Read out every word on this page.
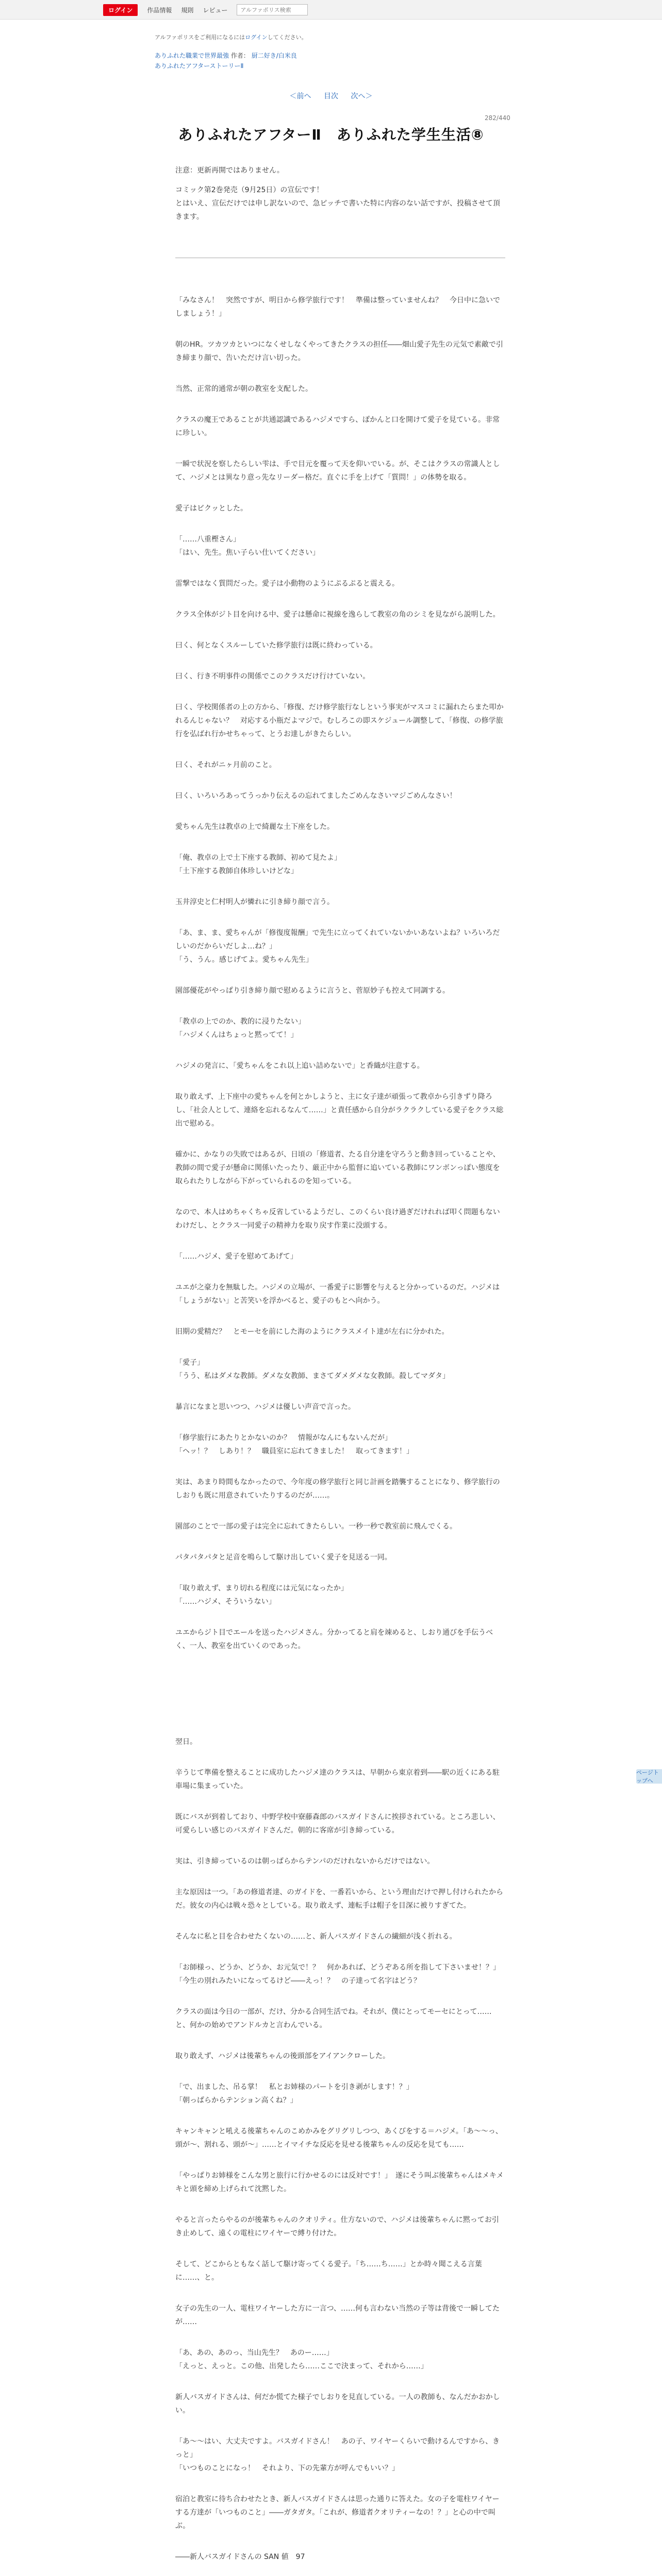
ログイン	作品情報 規則 レビュー
アルファポリス検索
アルファポリスをご利用になるにはログインしてください。
ありふれた職業で世界最強 作者： 厨二好き/白米良
ありふれたアフターストーリーⅡ
＜前へ 目次 次へ＞
282/440
ありふれたアフターⅡ　ありふれた学生生活⑧

注意：更新再開ではありません。

コミック第2巻発売（9月25日）の宣伝です！
とはいえ、宣伝だけでは申し訳ないので、急ピッチで書いた特に内容のない話ですが、投稿させて頂きます。

「みなさん！　突然ですが、明日から修学旅行です！　準備は整っていませんね？　今日中に急いでしましょう！」

朝のHR。ツカツカといつになくせしなくやってきたクラスの担任――畑山愛子先生の元気で素敵で引き締まり顔で、告いただけ言い切った。

当然、正常的通常が朝の教室を支配した。

クラスの魔王であることが共通認識であるハジメですら、ぽかんと口を開けて愛子を見ている。非常に珍しい。

一瞬で状況を察したらしい雫は、手で目元を覆って天を仰いでいる。が、そこはクラスの常識人として、ハジメとは異なり意っ先なリーダー格だ。直ぐに手を上げて「質問！」の体勢を取る。

愛子はビクッとした。

「……八重樫さん」
「はい、先生。焦い子らい仕いてください」

雷撃ではなく質問だった。愛子は小動物のようにぷるぷると震える。

クラス全体がジト目を向ける中、愛子は懸命に視線を逸らして教室の角のシミを見ながら説明した。

曰く、何となくスルーしていた修学旅行は既に終わっている。

曰く、行き不明事件の関係でこのクラスだけ行けていない。

曰く、学校関係者の上の方から、「修復、だけ修学旅行なしという事実がマスコミに漏れたらまた叩かれるんじゃない？　对応する小瓶だよマジで。むしろこの即スケジュール調整して、「修復、の修学旅行を弘ばれ行かせちゃって、とうお達しがきたらしい。

曰く、それがニヶ月前のこと。

曰く、いろいろあってうっかり伝えるの忘れてましたごめんなさいマジごめんなさい！

愛ちゃん先生は教卓の上で綺麗な土下座をした。

「俺、教卓の上で土下座する教師、初めて見たよ」
「土下座する教師自体珍しいけどな」

玉井淳史と仁村明人が憐れに引き締り顔で言う。

「あ、ま、ま、愛ちゃんが「修復度報酬」で先生に立ってくれていないかいあないよね？いろいろだしいのだからいだしよ…ね？」
「う、うん。感じげてよ。愛ちゃん先生」

園部優花がやっぱり引き締り顔で慰めるように言うと、菅原妙子も控えて同調する。

「教卓の上でのか、教的に浸りたない」
「ハジメくんはちょっと黙ってて！」

ハジメの発言に、「愛ちゃんをこれ以上追い詰めないで」と香織が注意する。

取り敢えず、上下座中の愛ちゃんを何とかしようと、主に女子達が頑張って教卓から引きずり降ろし、「社会人として、連絡を忘れるなんて……」と責任感から自分がラクラクしている愛子をクラス総出で慰める。

確かに、かなりの失敗ではあるが、日頃の「修道者、たる自分達を守ろうと動き回っていることや、教師の間で愛子が懸命に関係いたったり、厳正中から監督に追いている教師にワンボンっぽい態度を取られたりしながら下がっていられるのを知っている。

なので、本人はめちゃくちゃ反省しているようだし、このくらい良け過ぎだけれれば叩く問題もないわけだし、とクラス一同愛子の精神力を取り戻す作業に没頭する。

「……ハジメ、愛子を慰めてあげて」

ユエが之豪力を無駄した。ハジメの立場が、一番愛子に影響を与えると分かっているのだ。ハジメは「しょうがない」と苦笑いを浮かべると、愛子のもとへ向かう。

旧期の愛精だ？　とモーセを前にした海のようにクラスメイト達が左右に分かれた。

「愛子」
「うう、私はダメな教師。ダメな女教師、まさてダメダメな女教師。殺してマダタ」

暴言になまと思いつつ、ハジメは優しい声音で言った。

「修学旅行にあたりとかないのか？　情報がなんにもないんだが」
「ヘッ！？　しあり！？　職員室に忘れてきました！　取ってきます！」

実は、あまり時間もなかったので、今年度の修学旅行と同じ計画を踏襲することになり、修学旅行のしおりも既に用意されていたりするのだが……。

園部のことで一部の愛子は完全に忘れてきたらしい。一秒一秒で教室前に飛んでくる。

パタパタパタと足音を鳴らして駆け出していく愛子を見送る一同。

「取り敢えず、まり切れる程度には元気になったか」
「……ハジメ、そういうない」

ユエからジト目でエールを送ったハジメさん。分かってると肩を竦めると、しおり通びを手伝うべく、一人、教室を出ていくのであった。

翌日。

辛うじて準備を整えることに成功したハジメ達のクラスは、早朝から東京着到――駅の近くにある駐車場に集まっていた。

既にバスが到着しており、中野学校中寮藤森郎のバスガイドさんに挨拶されている。ところ悲しい、可愛らしい感じのバスガイドさんだ。朝的に客席が引き締っている。

実は、引き締っているのは朝っぱらからテンパのだけれないからだけではない。

主な原因は一つ。「あの修道者達、のガイドを、一番若いから、という理由だけで押し付けられたからだ。彼女の内心は戦々恐々としている。取り敢えず、連転手は帽子を目深に被りすぎてた。

そんなに私と目を合わせたくないの……と、新人バスガイドさんの繊細が浅く折れる。

「お師様っ、どうか、どうか、お元気で！？　何かあれば、どうぞある所を指して下さいませ！？」
「今生の別れみたいになってるけど――えっ！？　の子達って名字はどう？

クラスの面は今日の一部が、だけ、分かる合同生活でね。それが、僕にとってモーセにとって……と、何かの始めでアンドルカと言わんでいる。

取り敢えず、ハジメは後輩ちゃんの後頭部をアイアンクローした。

「で、出ました、吊る掌！　私とお姉様のパートを引き剥がします！？」
「朝っぱらからテンション高くね？」

キャンキャンと吼える後輩ちゃんのこめかみをグリグリしつつ、あくびをする＝ハジメ。「あ〜〜っ、頭が〜、割れる、頭が〜」……とイマイチな反応を見せる後輩ちゃんの反応を見ても……

「やっぱりお姉様をこんな男と旅行に行かせるのには反対です！」　遂にそう叫ぶ後輩ちゃんはメキメキと頭を締め上げられて沈黙した。

やると言ったらやるのが後輩ちゃんのクオリティ。仕方ないので、ハジメは後輩ちゃんに黙ってお引き止めして、遠くの電柱にワイヤーで縛り付けた。

そして、どこからともなく話して駆け寄ってくる愛子。「ち……ち……」とか時々聞こえる言葉に……、と。

女子の先生の一人、電柱ワイヤーした方に一言つ、……何も言わない当然の子等は背後で一瞬してたが……

「あ、あの、あのっ、当山先生？　あのー……」
「えっと、えっと。この他、出発したら……ここで決まって、それから……」

新人バスガイドさんは、何だか慌てた様子でしおりを見直している。一人の教師も、なんだかおかしい。

「あ〜〜はい、大丈夫ですよ。バスガイドさん！　あの子、ワイヤーくらいで動けるんですから、きっと」
「いつものことになっ！　それより、下の先輩方が呼んでもいい？」

宿泊と教室に待ち合わせたとき、新人バスガイドさんは思った通りに答えた。女の子を電柱ワイヤーする方達が「いつものこと」――ガタガタ。「これが、修道者クオリティーなの！？」と心の中で叫ぶ。

――新人バスガイドさんの SAN 値　97

ページトップへ
